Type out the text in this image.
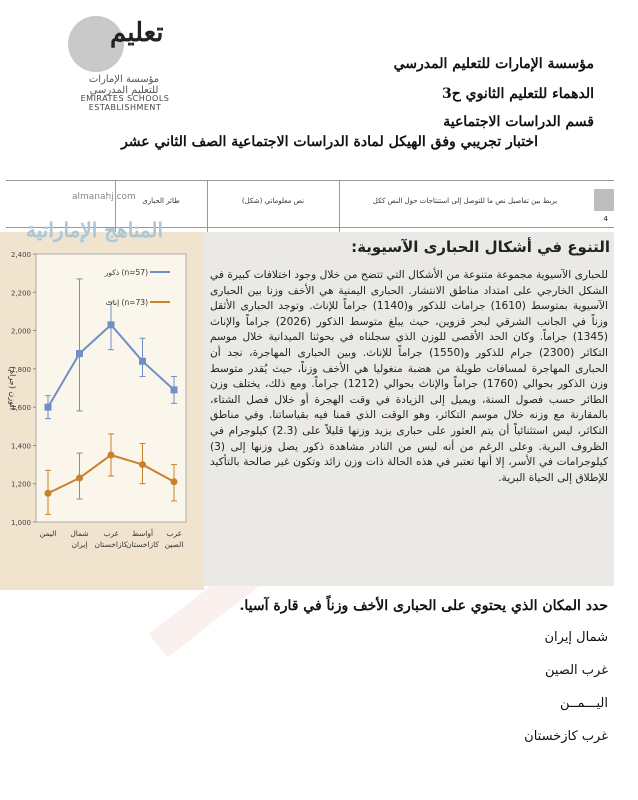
تعليم
مؤسسة الإمارات للتعليم المدرسي
EMIRATES SCHOOLS ESTABLISHMENT
مؤسسة الإمارات للتعليم المدرسي
الدهماء للتعليم الثانوي ح3
قسم الدراسات الاجتماعية
اختبار تجريبي وفق الهيكل لمادة الدراسات الاجتماعية الصف الثاني عشر
4
يربط بين تفاصيل نص ما للتوصل إلى استنتاجات حول النص ككل
نص معلوماتي (شكل)
طائر الحبارى
almanahj.com
2,400
2,200
2,000
1,800
1,600
1,400
1,200
1,000
الوزن (جرام)
اليمن شمال
إيران
غرب
كازاخستان
أواسط
كازاخستان
غرب
الصين
ذكور (n=57)
إناث (n=73)
المناهج الإماراتية
التنوع في أشكال الحبارى الآسيوية:
للحبارى الآسيوية مجموعة متنوعة من الأشكال التي تتضح من خلال وجود اختلافات كبيرة في الشكل الخارجي على امتداد مناطق الانتشار. الحبارى اليمنية هي الأخف وزنا بين الحبارى الآسيوية بمتوسط (1610) جرامات للذكور و(1140) جراماً للإناث. وتوجد الحبارى الأثقل وزناً في الجانب الشرقي لبحر قزوين، حيث يبلغ متوسط الذكور (2026) جراماً والإناث (1345) جراماً. وكان الحد الأقصى للوزن الذي سجلناه في بحوثنا الميدانية خلال موسم التكاثر (2300) جرام للذكور و(1550) جراماً للإناث. وبين الحبارى المهاجرة، نجد أن الحبارى المهاجرة لمسافات طويلة من هضبة منغوليا هي الأخف وزناً، حيث يُقدر متوسط وزن الذكور بحوالي (1760) جراماً والإناث بحوالي (1212) جراماً. ومع ذلك، يختلف وزن الطائر حسب فصول السنة، ويميل إلى الزيادة في وقت الهجرة أو خلال فصل الشتاء، بالمقارنة مع وزنه خلال موسم التكاثر، وهو الوقت الذي قمنا فيه بقياساتنا. وفي مناطق التكاثر، ليس استثنائياً أن يتم العثور على حبارى يزيد وزنها قليلاً على (2.3) كيلوجرام في الظروف البرية. وعلى الرغم من أنه ليس من النادر مشاهدة ذكور يصل وزنها إلى (3) كيلوجرامات في الأسر، إلا أنها تعتبر في هذه الحالة ذات وزن زائد وتكون غير صالحة بالتأكيد للإطلاق إلى الحياة البرية.
حدد المكان الذي يحتوي على الحبارى الأخف وزناً في قارة آسيا.
شمال إيران
غرب الصين
اليـــمــن
غرب كازخستان
